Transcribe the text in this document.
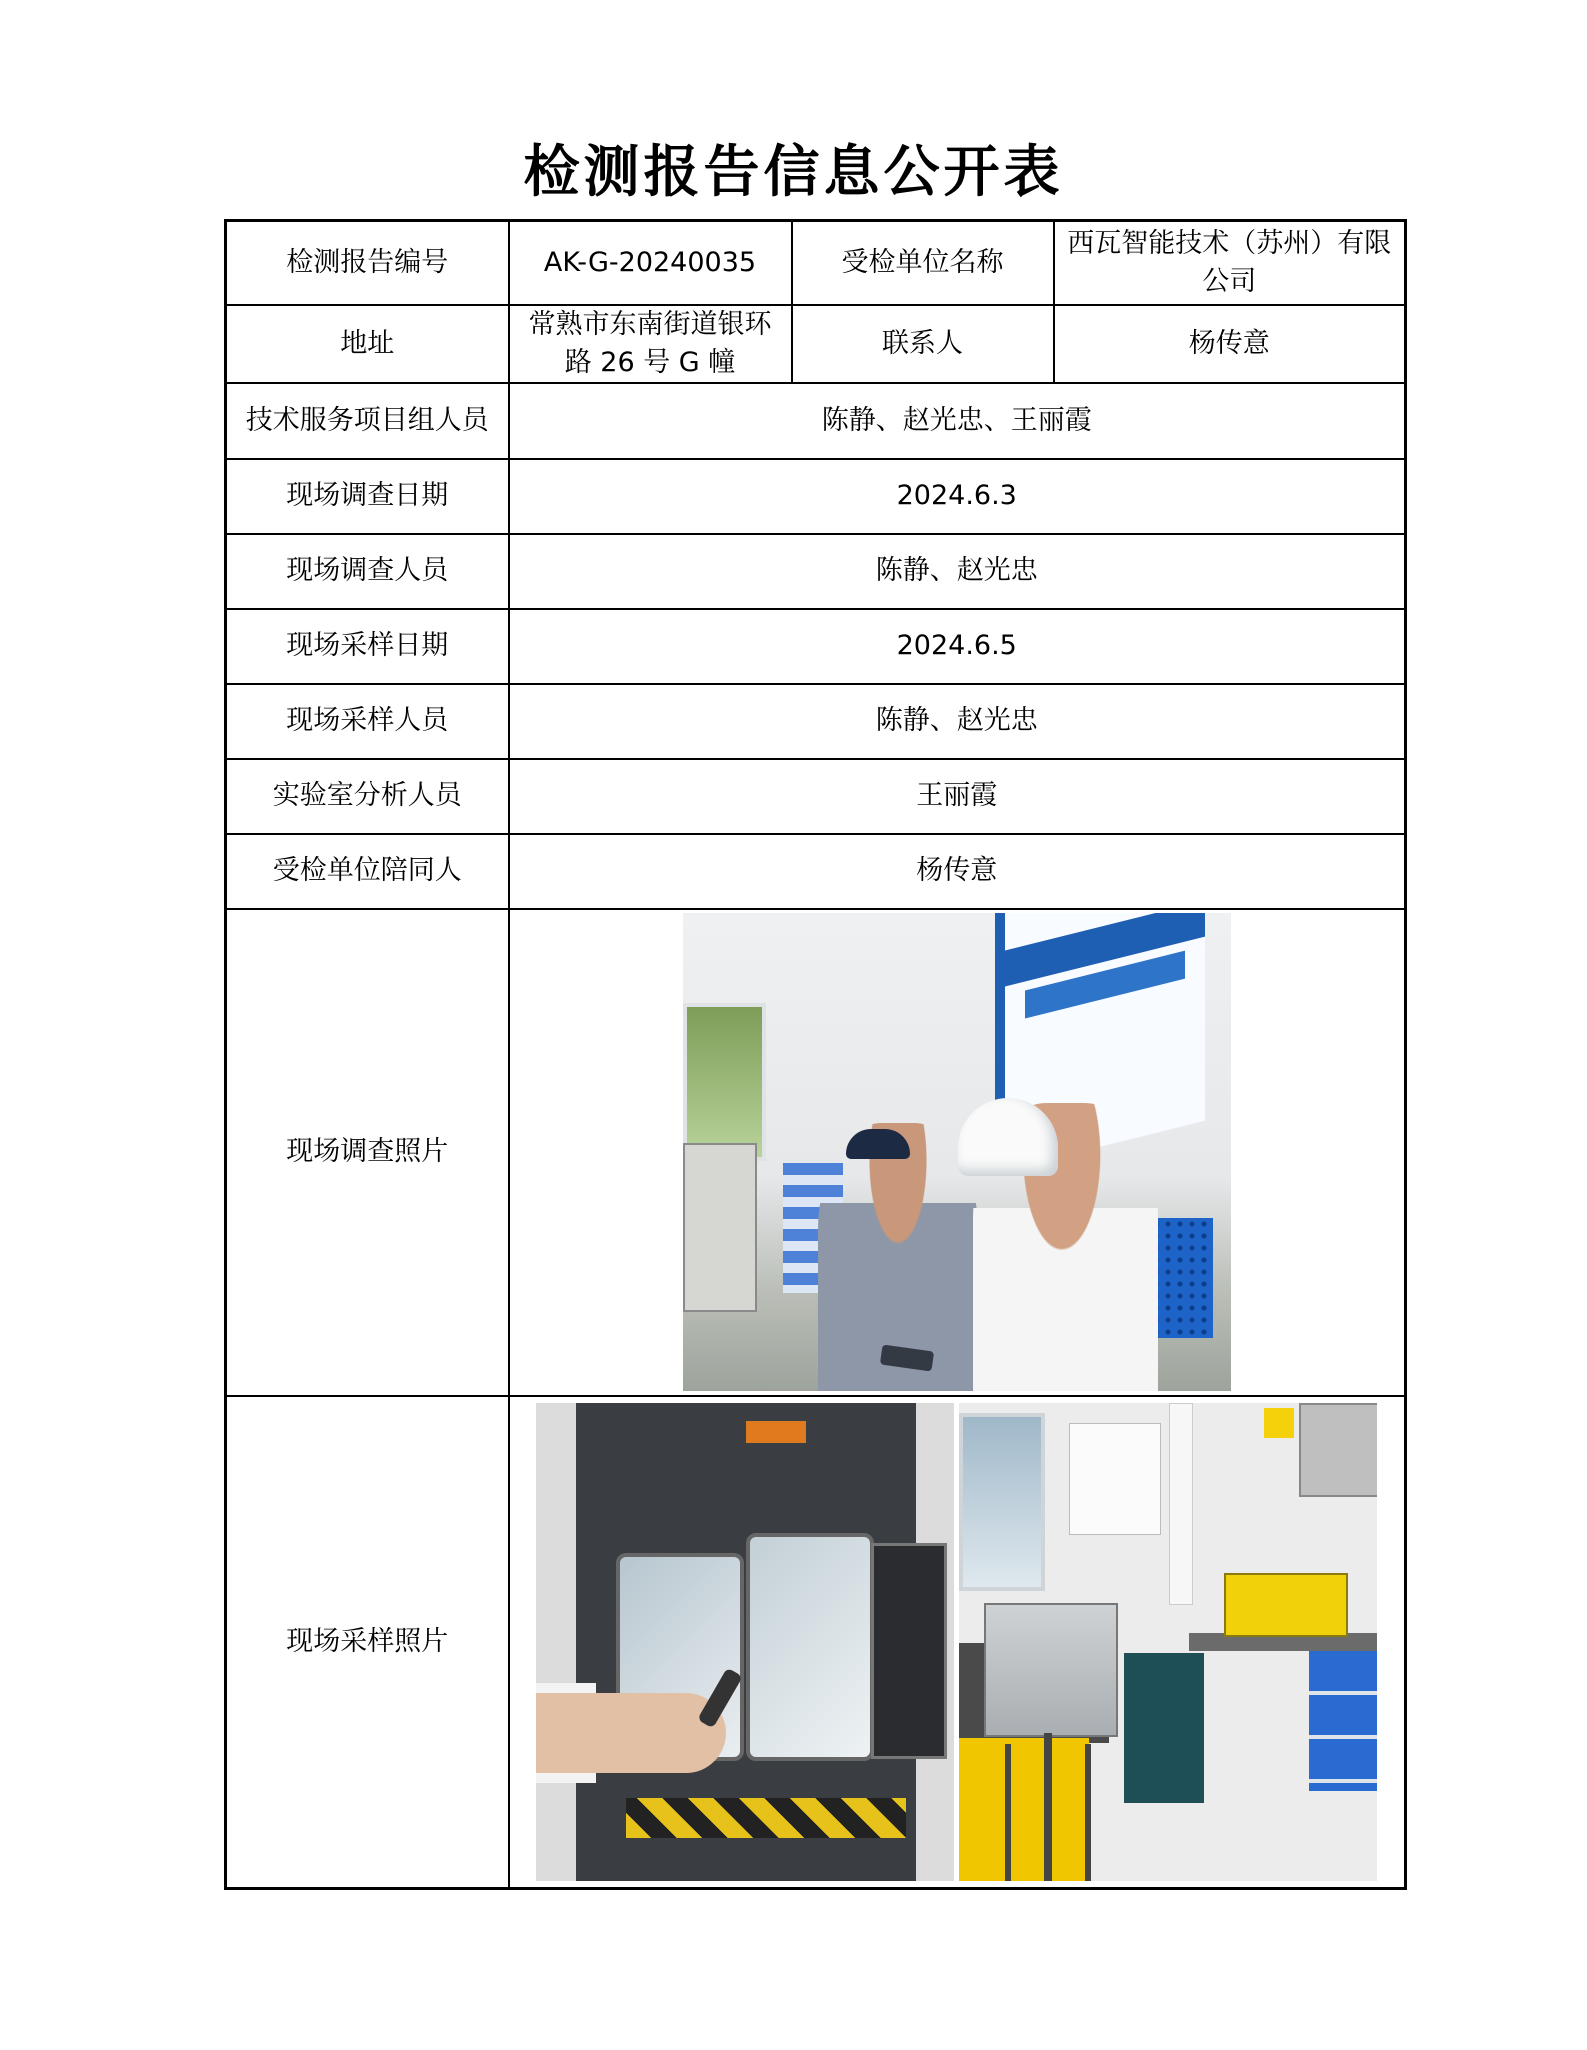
检测报告信息公开表
检测报告编号	AK-G-20240035	受检单位名称	西瓦智能技术（苏州）有限公司
地址	常熟市东南街道银环路 26 号 G 幢	联系人	杨传意
技术服务项目组人员	陈静、赵光忠、王丽霞		
现场调查日期	2024.6.3		
现场调查人员	陈静、赵光忠		
现场采样日期	2024.6.5		
现场采样人员	陈静、赵光忠		
实验室分析人员	王丽霞		
受检单位陪同人	杨传意		
现场调查照片			

现场采样照片			
